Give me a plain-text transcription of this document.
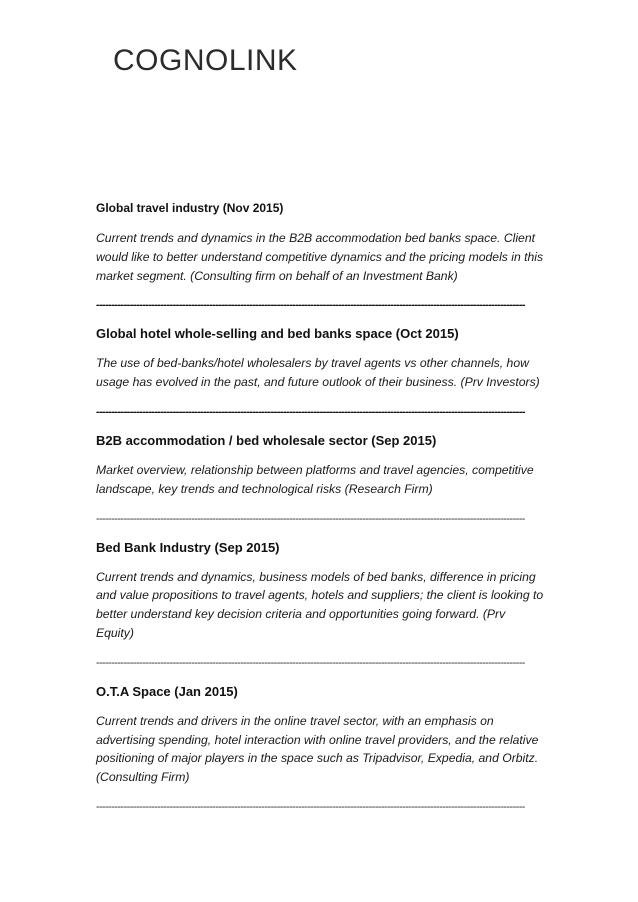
COGNOLINK

Global travel industry (Nov 2015)

Current trends and dynamics in the B2B accommodation bed banks space. Client would like to better understand competitive dynamics and the pricing models in this market segment. (Consulting firm on behalf of an Investment Bank)

--------------------------------------------------------------------------------------------------------------------------------------------

Global hotel whole-selling and bed banks space (Oct 2015)

The use of bed-banks/hotel wholesalers by travel agents vs other channels, how usage has evolved in the past, and future outlook of their business. (Prv Investors)

--------------------------------------------------------------------------------------------------------------------------------------------

B2B accommodation / bed wholesale sector (Sep 2015)

Market overview, relationship between platforms and travel agencies, competitive landscape, key trends and technological risks (Research Firm)

--------------------------------------------------------------------------------------------------------------------------------------------

Bed Bank Industry (Sep 2015)

Current trends and dynamics, business models of bed banks, difference in pricing and value propositions to travel agents, hotels and suppliers; the client is looking to better understand key decision criteria and opportunities going forward. (Prv Equity)

--------------------------------------------------------------------------------------------------------------------------------------------

O.T.A Space (Jan 2015)

Current trends and drivers in the online travel sector, with an emphasis on advertising spending, hotel interaction with online travel providers, and the relative positioning of major players in the space such as Tripadvisor, Expedia, and Orbitz. (Consulting Firm)

--------------------------------------------------------------------------------------------------------------------------------------------
